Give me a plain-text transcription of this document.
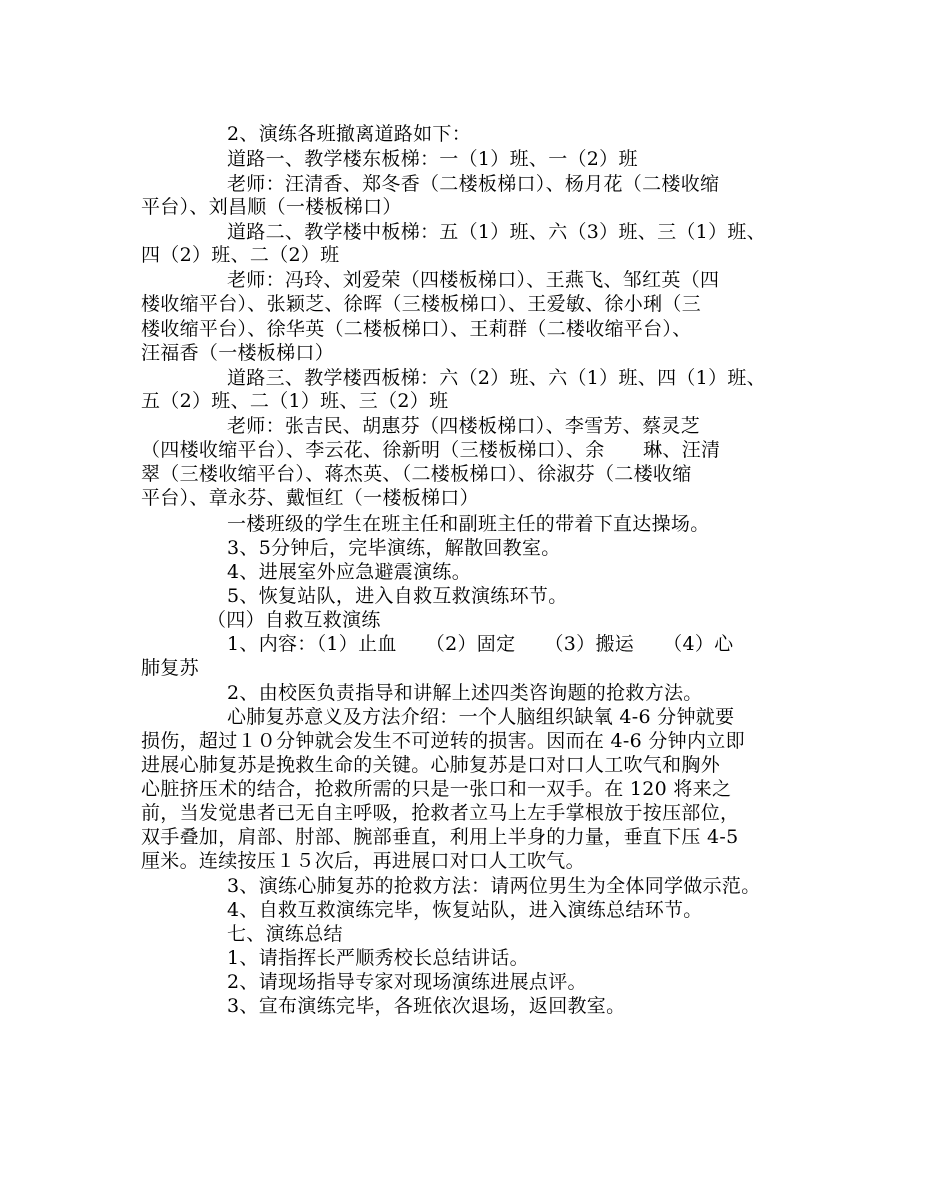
2、演练各班撤离道路如下：
道路一、教学楼东板梯：一（1）班、一（2）班
老师：汪清香、郑冬香（二楼板梯口）、杨月花（二楼收缩
平台）、刘昌顺（一楼板梯口）
道路二、教学楼中板梯：五（1）班、六（3）班、三（1）班、
四（2）班、二（2）班
老师：冯玲、刘爱荣（四楼板梯口）、王燕飞、邹红英（四
楼收缩平台）、张颖芝、徐晖（三楼板梯口）、王爱敏、徐小琍（三
楼收缩平台）、徐华英（二楼板梯口）、王莉群（二楼收缩平台）、
汪福香（一楼板梯口）
道路三、教学楼西板梯：六（2）班、六（1）班、四（1）班、
五（2）班、二（1）班、三（2）班
老师：张吉民、胡惠芬（四楼板梯口）、李雪芳、蔡灵芝
（四楼收缩平台）、李云花、徐新明（三楼板梯口）、余　　琳、汪清
翠（三楼收缩平台）、蒋杰英、（二楼板梯口）、徐淑芬（二楼收缩
平台）、章永芬、戴恒红（一楼板梯口）
一楼班级的学生在班主任和副班主任的带着下直达操场。
3、5分钟后，完毕演练，解散回教室。
4、进展室外应急避震演练。
5、恢复站队，进入自救互救演练环节。
（四）自救互救演练
1、内容：（1）止血　　（2）固定　　（3）搬运　　（4）心
肺复苏
2、由校医负责指导和讲解上述四类咨询题的抢救方法。
心肺复苏意义及方法介绍：一个人脑组织缺氧 4-6 分钟就要
损伤，超过１０分钟就会发生不可逆转的损害。因而在 4-6 分钟内立即
进展心肺复苏是挽救生命的关键。心肺复苏是口对口人工吹气和胸外
心脏挤压术的结合，抢救所需的只是一张口和一双手。在 120 将来之
前，当发觉患者已无自主呼吸，抢救者立马上左手掌根放于按压部位，
双手叠加，肩部、肘部、腕部垂直，利用上半身的力量，垂直下压 4-5
厘米。连续按压１５次后，再进展口对口人工吹气。
3、演练心肺复苏的抢救方法：请两位男生为全体同学做示范。
4、自救互救演练完毕，恢复站队，进入演练总结环节。
七、演练总结
1、请指挥长严顺秀校长总结讲话。
2、请现场指导专家对现场演练进展点评。
3、宣布演练完毕，各班依次退场，返回教室。
